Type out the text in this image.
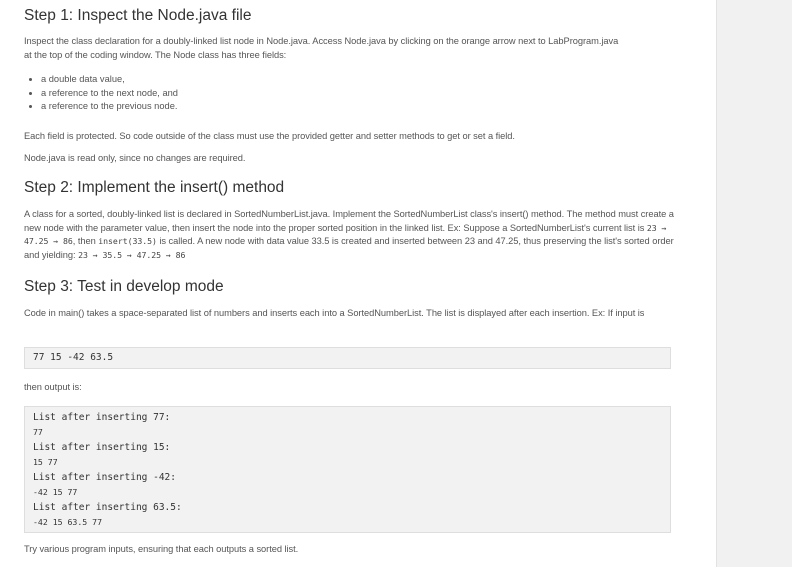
Step 1: Inspect the Node.java file

Inspect the class declaration for a doubly-linked list node in Node.java. Access Node.java by clicking on the orange arrow next to LabProgram.java at the top of the coding window. The Node class has three fields:

• a double data value,
• a reference to the next node, and
• a reference to the previous node.

Each field is protected. So code outside of the class must use the provided getter and setter methods to get or set a field.

Node.java is read only, since no changes are required.

Step 2: Implement the insert() method

A class for a sorted, doubly-linked list is declared in SortedNumberList.java. Implement the SortedNumberList class's insert() method. The method must create a new node with the parameter value, then insert the node into the proper sorted position in the linked list. Ex: Suppose a SortedNumberList's current list is 23 → 47.25 → 86, then insert(33.5) is called. A new node with data value 33.5 is created and inserted between 23 and 47.25, thus preserving the list's sorted order and yielding: 23 → 35.5 → 47.25 → 86

Step 3: Test in develop mode

Code in main() takes a space-separated list of numbers and inserts each into a SortedNumberList. The list is displayed after each insertion. Ex: If input is

77 15 -42 63.5

then output is:

List after inserting 77:
77
List after inserting 15:
15 77
List after inserting -42:
-42 15 77
List after inserting 63.5:
-42 15 63.5 77

Try various program inputs, ensuring that each outputs a sorted list.
